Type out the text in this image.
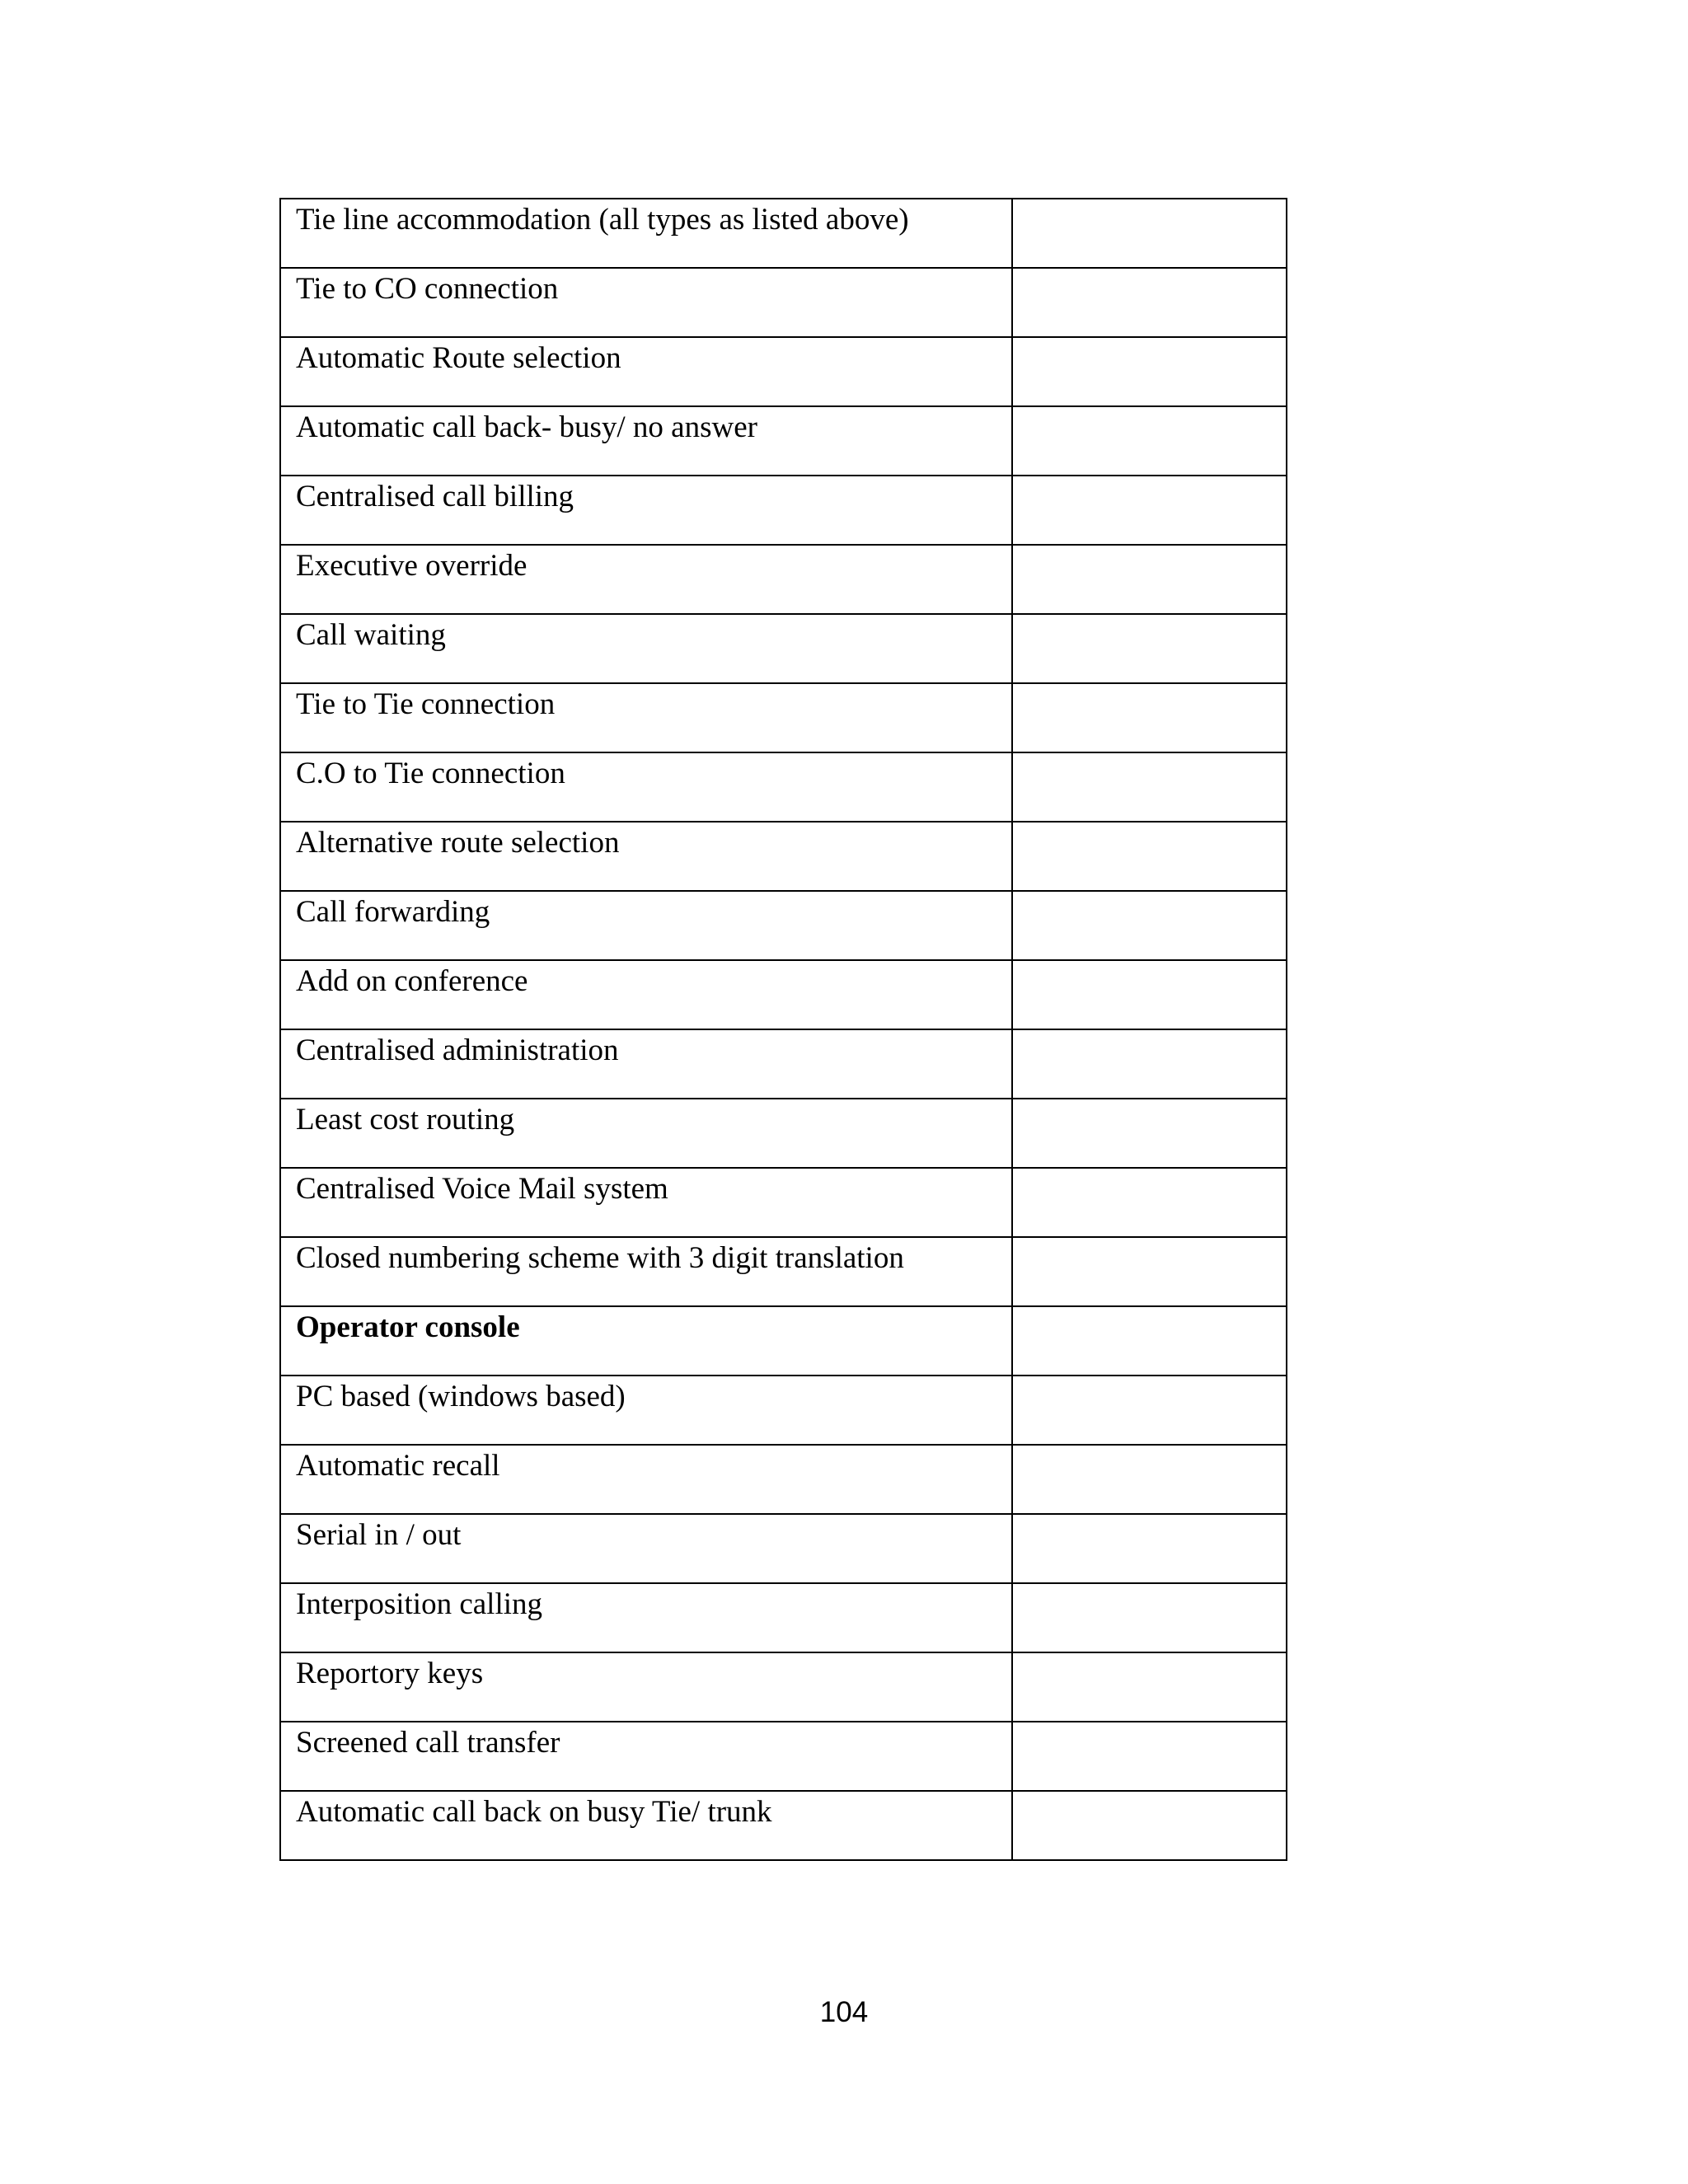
Tie line accommodation (all types as listed above)	
Tie to CO connection	
Automatic Route selection	
Automatic call back- busy/ no answer	
Centralised call billing	
Executive override	
Call waiting	
Tie to Tie connection	
C.O to Tie connection	
Alternative route selection	
Call forwarding	
Add on conference	
Centralised administration	
Least cost routing	
Centralised Voice Mail system	
Closed numbering scheme with 3 digit translation	
Operator console	
PC based (windows based)	
Automatic recall	
Serial in / out	
Interposition calling	
Reportory keys	
Screened call transfer	
Automatic call back on busy Tie/ trunk	
104
